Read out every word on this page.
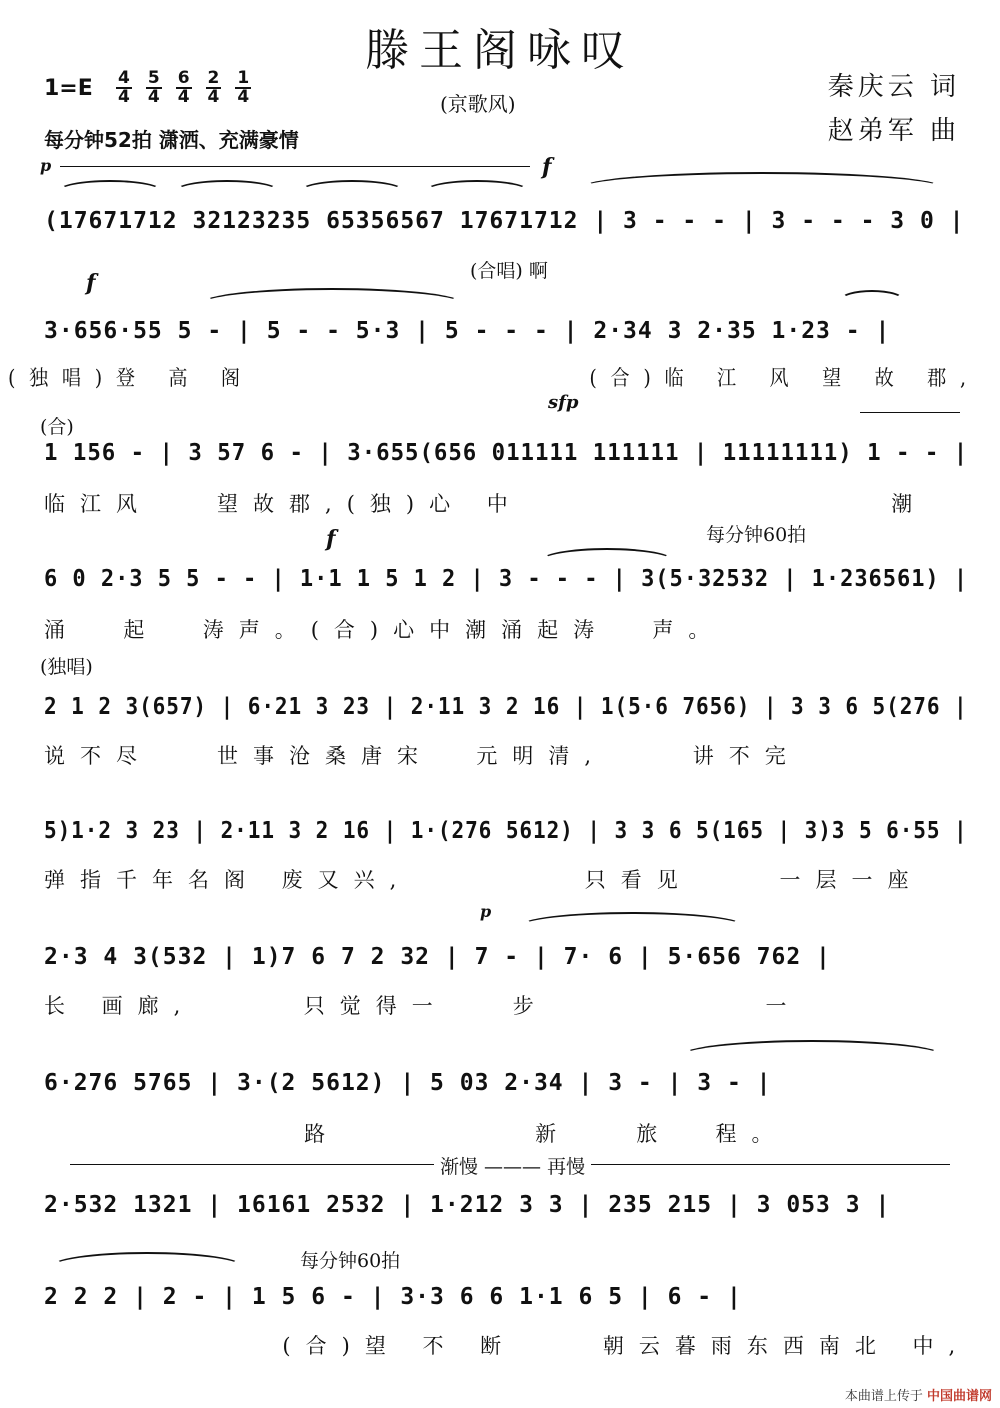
滕王阁咏叹
$1=E \frac{4}{4} \frac{5}{4} \frac{6}{4} \frac{2}{4} \frac{1}{4}$	(京歌风)
秦庆云 词
赵弟军 曲
每分钟52拍 潇洒、充满豪情
p	f
(17671712 32123235 65356567 17671712 | 3 - - - | 3 - - - 3 0 |
(合唱) 啊
f
3·656·55 5 - | 5 - - 5·3 | 5 - - - | 2·34 3 2·35 1·23 - |
(独唱)登 高 阁                 (合)临 江 风 望 故 郡,
(合)
sfp
1 156 - | 3 57 6 - | 3·655(656 011111 111111 | 11111111) 1 - - |
临江风   望故郡,(独)心 中                 潮
每分钟60拍
f
6 0 2·3 5 5 - - | 1·1 1 5 1 2 | 3 - - - | 3(5·32532 | 1·236561) |
涌  起  涛声。(合)心中潮涌起涛  声。
(独唱)
2 1 2 3(657) | 6·21 3 23 | 2·11 3 2 16 | 1(5·6 7656) | 3 3 6 5(276 |
说不尽   世事沧桑唐宋  元明清,    讲不完
5)1·2 3 23 | 2·11 3 2 16 | 1·(276 5612) | 3 3 6 5(165 | 3)3 5 6·55 |
弹指千年名阁 废又兴,        只看见    一层一座
p
2·3 4 3(532 | 1)7 6 7 2 32 | 7 - | 7· 6 | 5·656 762 |
长 画廊,     只觉得一   步          一
6·276 5765 | 3·(2 5612) | 5 03 2·34 | 3 - | 3 - |
路         新   旅  程。
渐慢 ——— 再慢
2·532 1321 | 16161 2532 | 1·212 3 3 | 235 215 | 3 053 3 |
每分钟60拍
2 2 2 | 2 - | 1 5 6 - | 3·3 6 6 1·1 6 5 | 6 - |
(合)望 不 断    朝云暮雨东西南北 中,
本曲谱上传于 中国曲谱网
